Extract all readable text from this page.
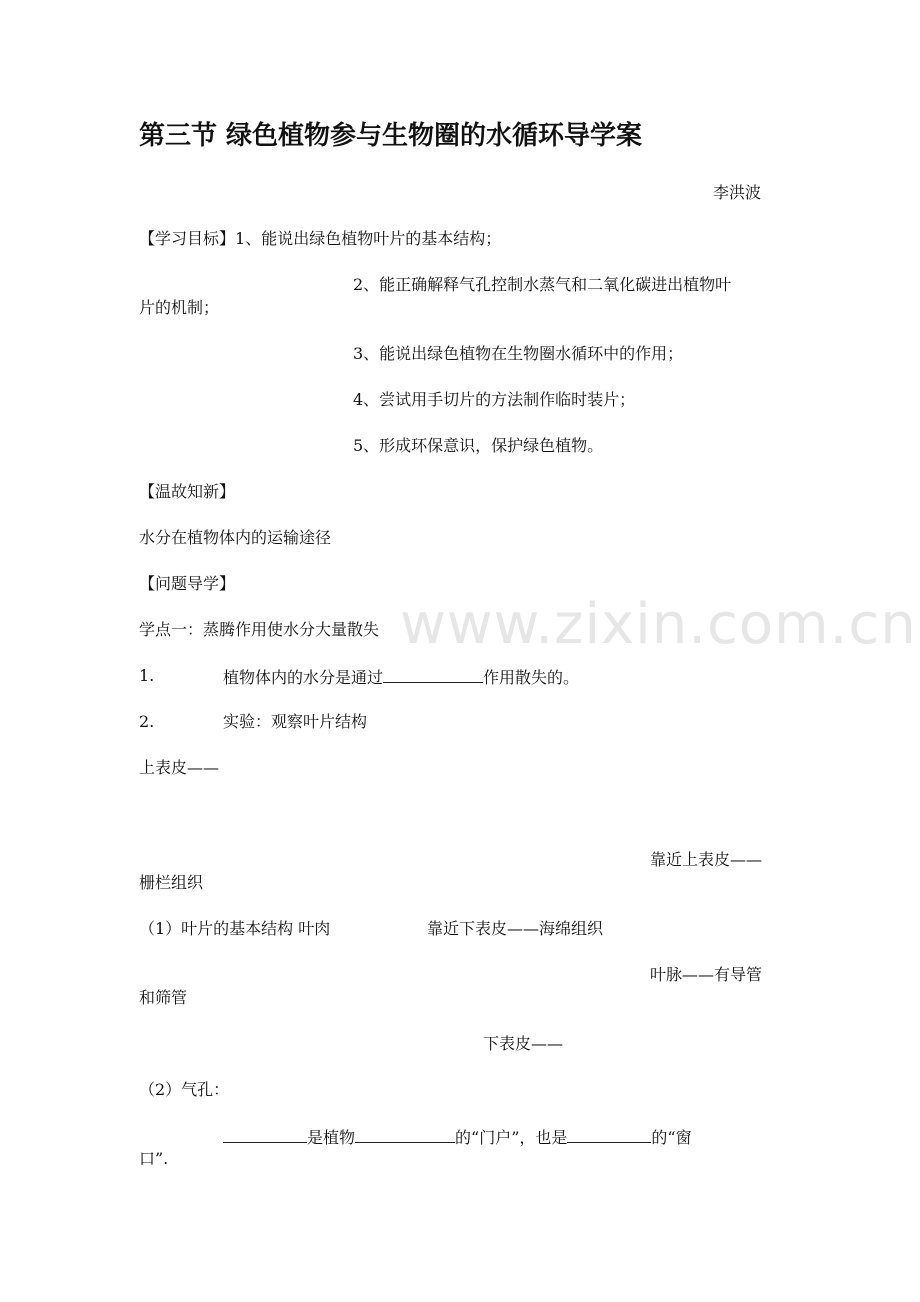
第三节 绿色植物参与生物圈的水循环导学案
李洪波
【学习目标】1、能说出绿色植物叶片的基本结构；
2、能正确解释气孔控制水蒸气和二氧化碳进出植物叶
片的机制；
3、能说出绿色植物在生物圈水循环中的作用；
4、尝试用手切片的方法制作临时装片；
5、形成环保意识，保护绿色植物。
【温故知新】
水分在植物体内的运输途径
【问题导学】
学点一：蒸腾作用使水分大量散失
1.	植物体内的水分是通过	作用散失的。
2.	实验：观察叶片结构
上表皮——
靠近上表皮——
栅栏组织
（1）叶片的基本结构 叶肉	靠近下表皮——海绵组织
叶脉——有导管
和筛管
下表皮——
（2）气孔：
是植物	的“门户”，也是	的“窗
口”.
www.zixin.com.cn
